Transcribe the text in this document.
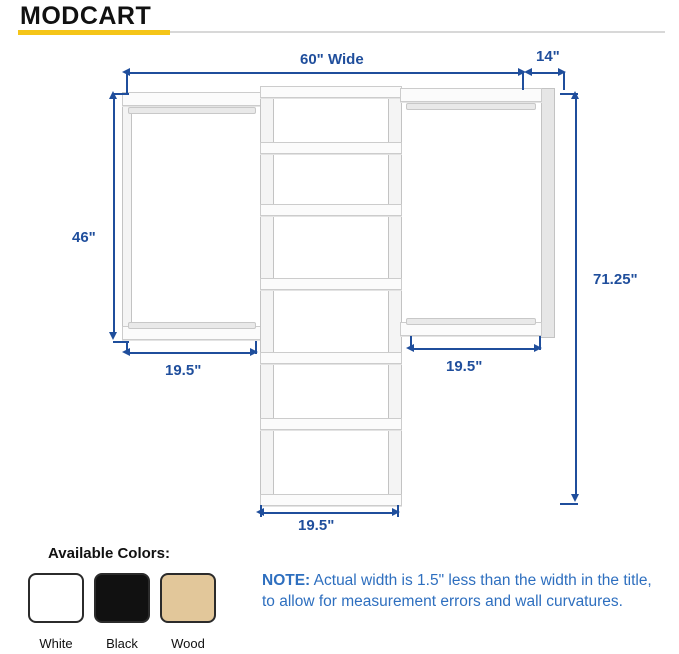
MODCART
60" Wide	14"
46"
71.25"
19.5"	19.5"
19.5"
Available Colors:
White	Black	Wood
NOTE: Actual width is 1.5" less than the width in the title, to allow for measurement errors and wall curvatures.
